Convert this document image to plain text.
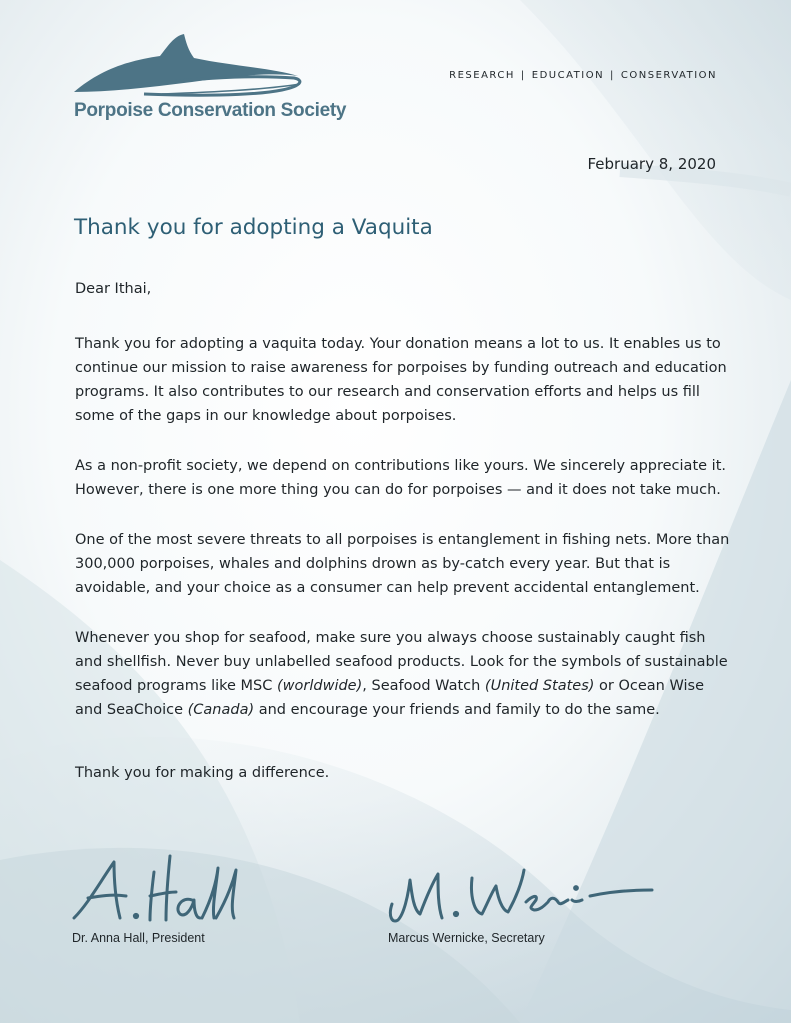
Porpoise Conservation Society
RESEARCH | EDUCATION | CONSERVATION
February 8, 2020
Thank you for adopting a Vaquita
Dear Ithai,

Thank you for adopting a vaquita today. Your donation means a lot to us. It enables us to continue our mission to raise awareness for porpoises by funding outreach and education programs. It also contributes to our research and conservation efforts and helps us fill some of the gaps in our knowledge about porpoises.

As a non-profit society, we depend on contributions like yours. We sincerely appreciate it. However, there is one more thing you can do for porpoises — and it does not take much.

One of the most severe threats to all porpoises is entanglement in fishing nets. More than 300,000 porpoises, whales and dolphins drown as by-catch every year. But that is avoidable, and your choice as a consumer can help prevent accidental entanglement.

Whenever you shop for seafood, make sure you always choose sustainably caught fish and shellfish. Never buy unlabelled seafood products. Look for the symbols of sustainable seafood programs like MSC (worldwide), Seafood Watch (United States) or Ocean Wise and SeaChoice (Canada) and encourage your friends and family to do the same.

Thank you for making a difference.
Dr. Anna Hall, President	Marcus Wernicke, Secretary
